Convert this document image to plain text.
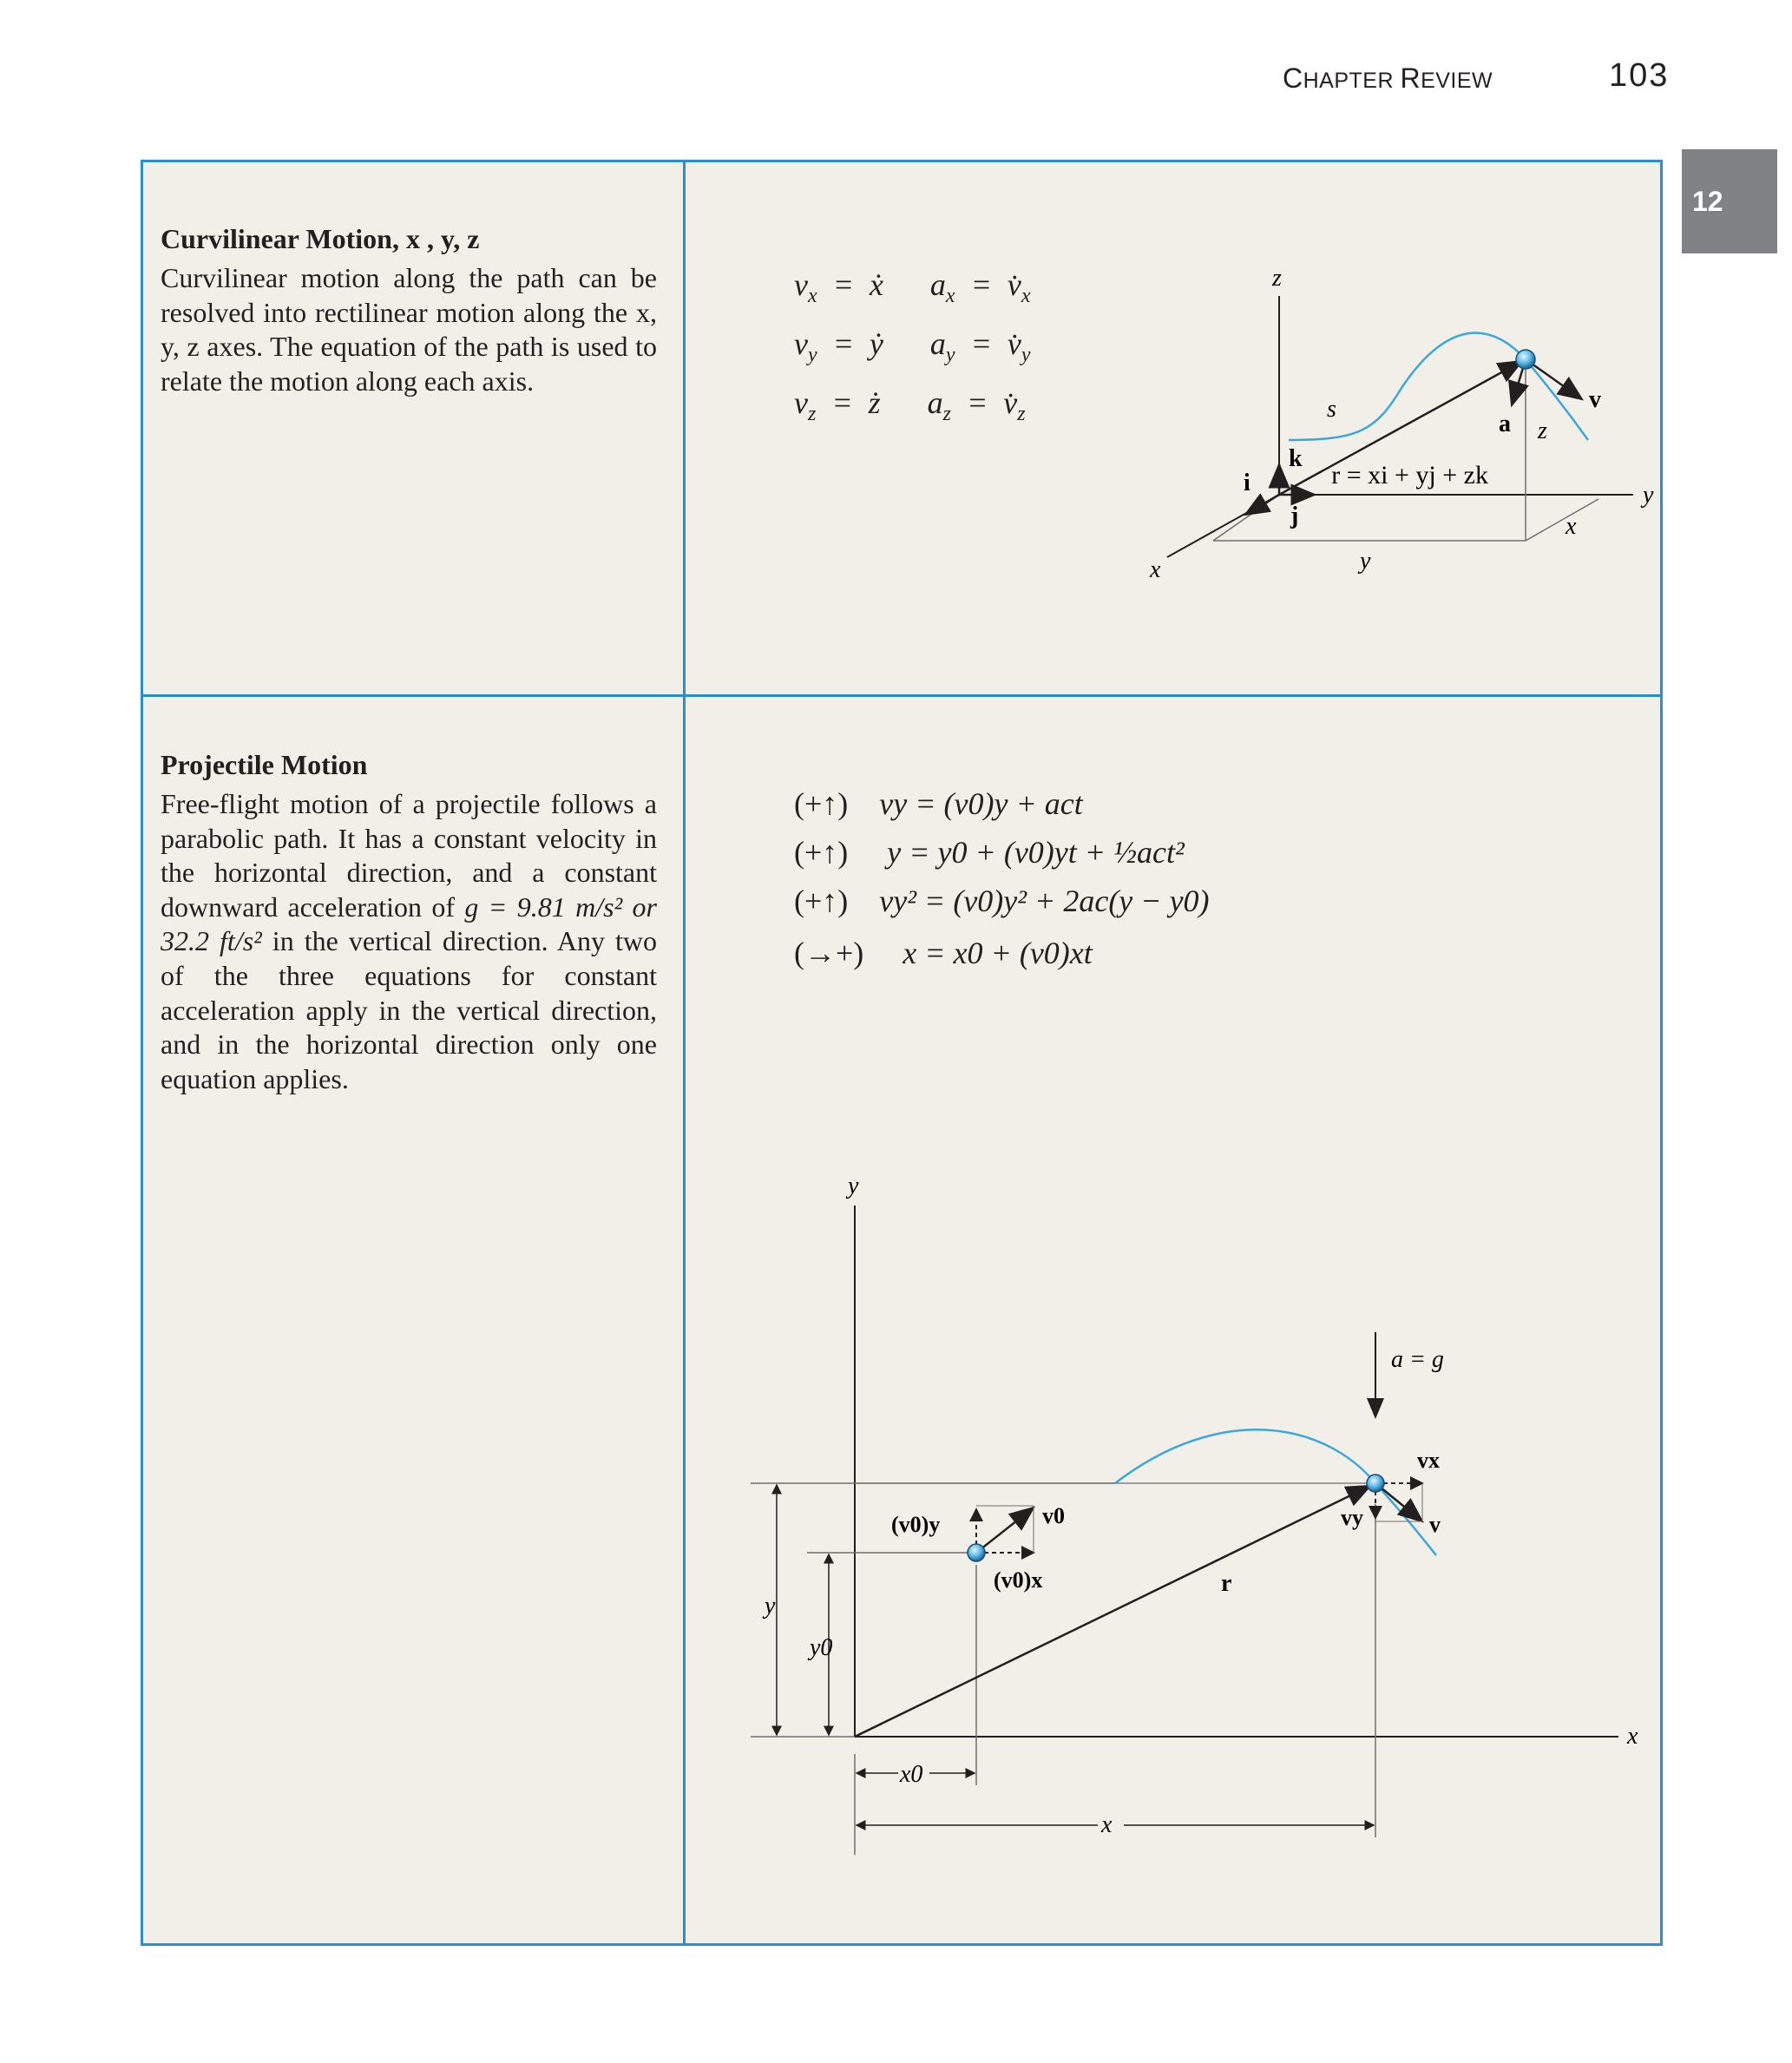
CHAPTER REVIEW	103
12
Curvilinear Motion, x , y, z
Curvilinear motion along the path can be resolved into rectilinear motion along the x, y, z axes. The equation of the path is used to relate the motion along each axis.
$v_x$  =  ẋ      $a_x$  =  $v̇_x$
$v_y$  =  ẏ      $a_y$  =  $v̇_y$
$v_z$  =  ż      $a_z$  =  $v̇_z$
z
x
y
s
a
v
k
i
j
r = xi + yj + zk
z
x
y
Projectile Motion
Free-flight motion of a projectile follows a parabolic path. It has a constant velocity in the horizontal direction, and a constant downward acceleration of g = 9.81 m/s² or 32.2 ft/s² in the vertical direction. Any two of the three equations for constant acceleration apply in the vertical direction, and in the horizontal direction only one equation applies.
(+↑) vy = (v0)y + act
(+↑) y = y0 + (v0)yt + ½act²
(+↑) vy² = (v0)y² + 2ac(y − y0)
(→+) x = x0 + (v0)xt
y
x
y
y0
x0
x
a = g
r
v0
(v0)y
(v0)x
vx
vy	v
